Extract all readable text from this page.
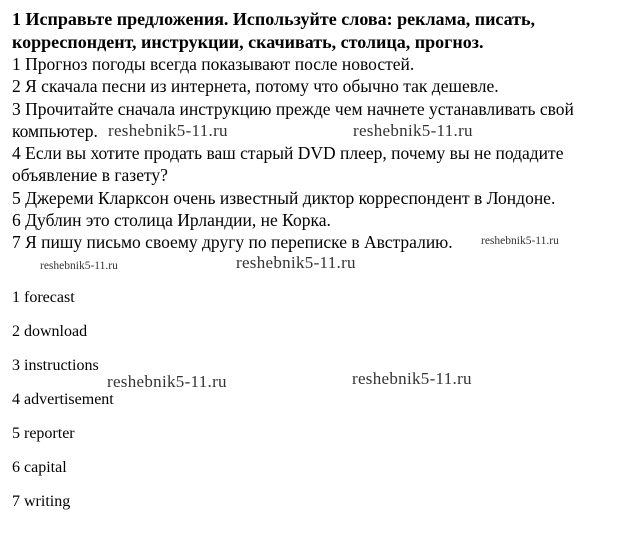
1 Исправьте предложения. Используйте слова: реклама, писать, корреспондент, инструкции, скачивать, столица, прогноз.
1 Прогноз погоды всегда показывают после новостей.
2 Я скачала песни из интернета, потому что обычно так дешевле.
3 Прочитайте сначала инструкцию прежде чем начнете устанавливать свой компьютер.
4 Если вы хотите продать ваш старый DVD плеер, почему вы не подадите объявление в газету?
5 Джереми Кларксон очень известный диктор корреспондент в Лондоне.
6 Дублин это столица Ирландии, не Корка.
7 Я пишу письмо своему другу по переписке в Австралию.
1 forecast
2 download
3 instructions
4 advertisement
5 reporter
6 capital
7 writing
reshebnik5-11.ru	reshebnik5-11.ru
reshebnik5-11.ru
reshebnik5-11.ru	reshebnik5-11.ru
reshebnik5-11.ru	reshebnik5-11.ru
